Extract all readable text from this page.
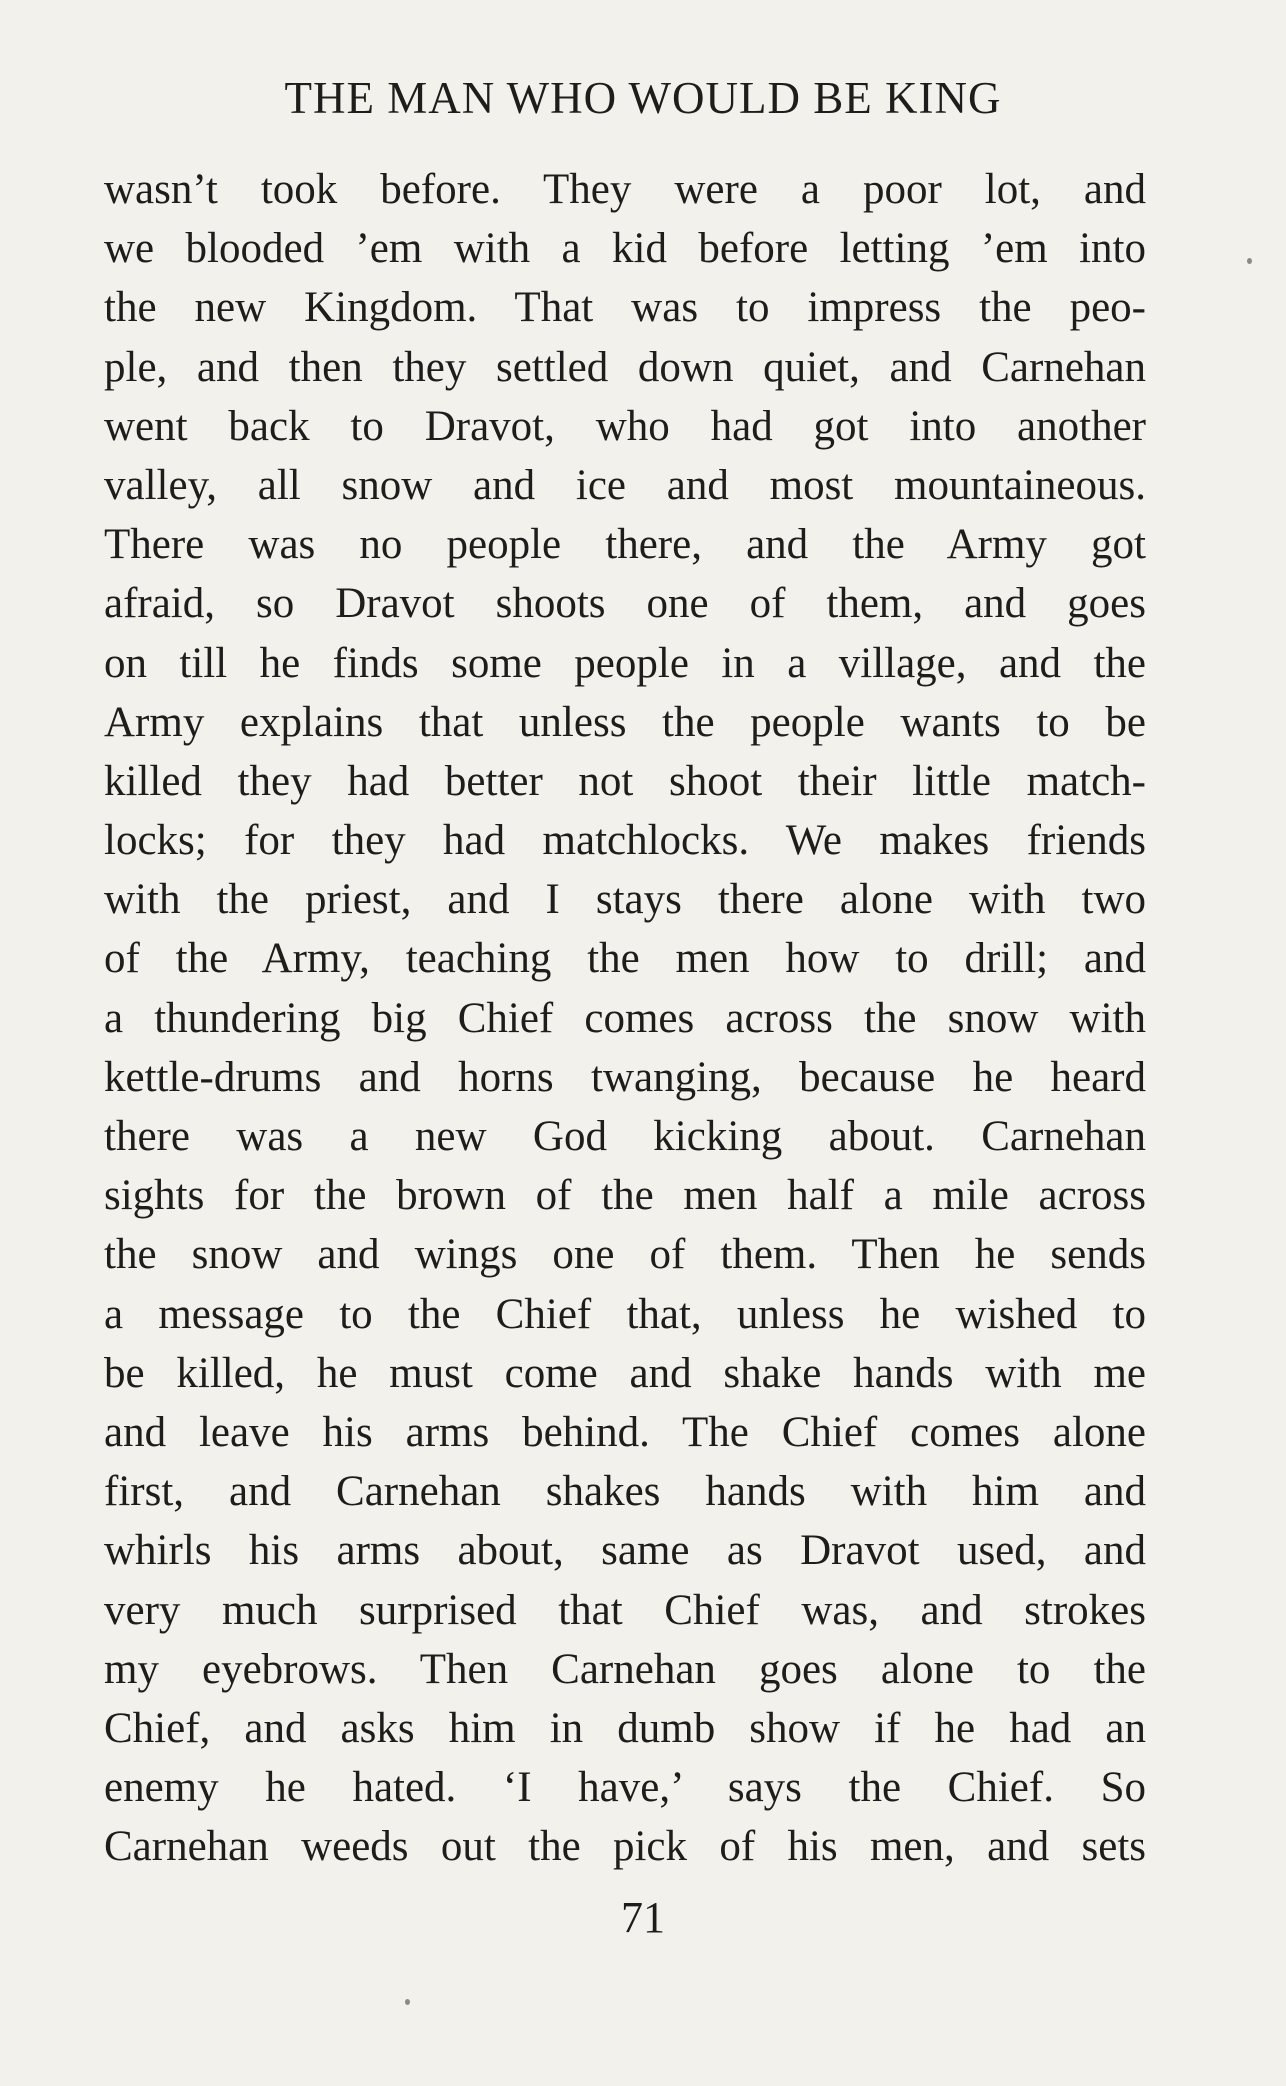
THE MAN WHO WOULD BE KING
wasn’t took before. They were a poor lot, and
we blooded ’em with a kid before letting ’em into
the new Kingdom. That was to impress the peo-
ple, and then they settled down quiet, and Carnehan
went back to Dravot, who had got into another
valley, all snow and ice and most mountaineous.
There was no people there, and the Army got
afraid, so Dravot shoots one of them, and goes
on till he finds some people in a village, and the
Army explains that unless the people wants to be
killed they had better not shoot their little match-
locks; for they had matchlocks. We makes friends
with the priest, and I stays there alone with two
of the Army, teaching the men how to drill; and
a thundering big Chief comes across the snow with
kettle-drums and horns twanging, because he heard
there was a new God kicking about. Carnehan
sights for the brown of the men half a mile across
the snow and wings one of them. Then he sends
a message to the Chief that, unless he wished to
be killed, he must come and shake hands with me
and leave his arms behind. The Chief comes alone
first, and Carnehan shakes hands with him and
whirls his arms about, same as Dravot used, and
very much surprised that Chief was, and strokes
my eyebrows. Then Carnehan goes alone to the
Chief, and asks him in dumb show if he had an
enemy he hated. ‘I have,’ says the Chief. So
Carnehan weeds out the pick of his men, and sets
71
